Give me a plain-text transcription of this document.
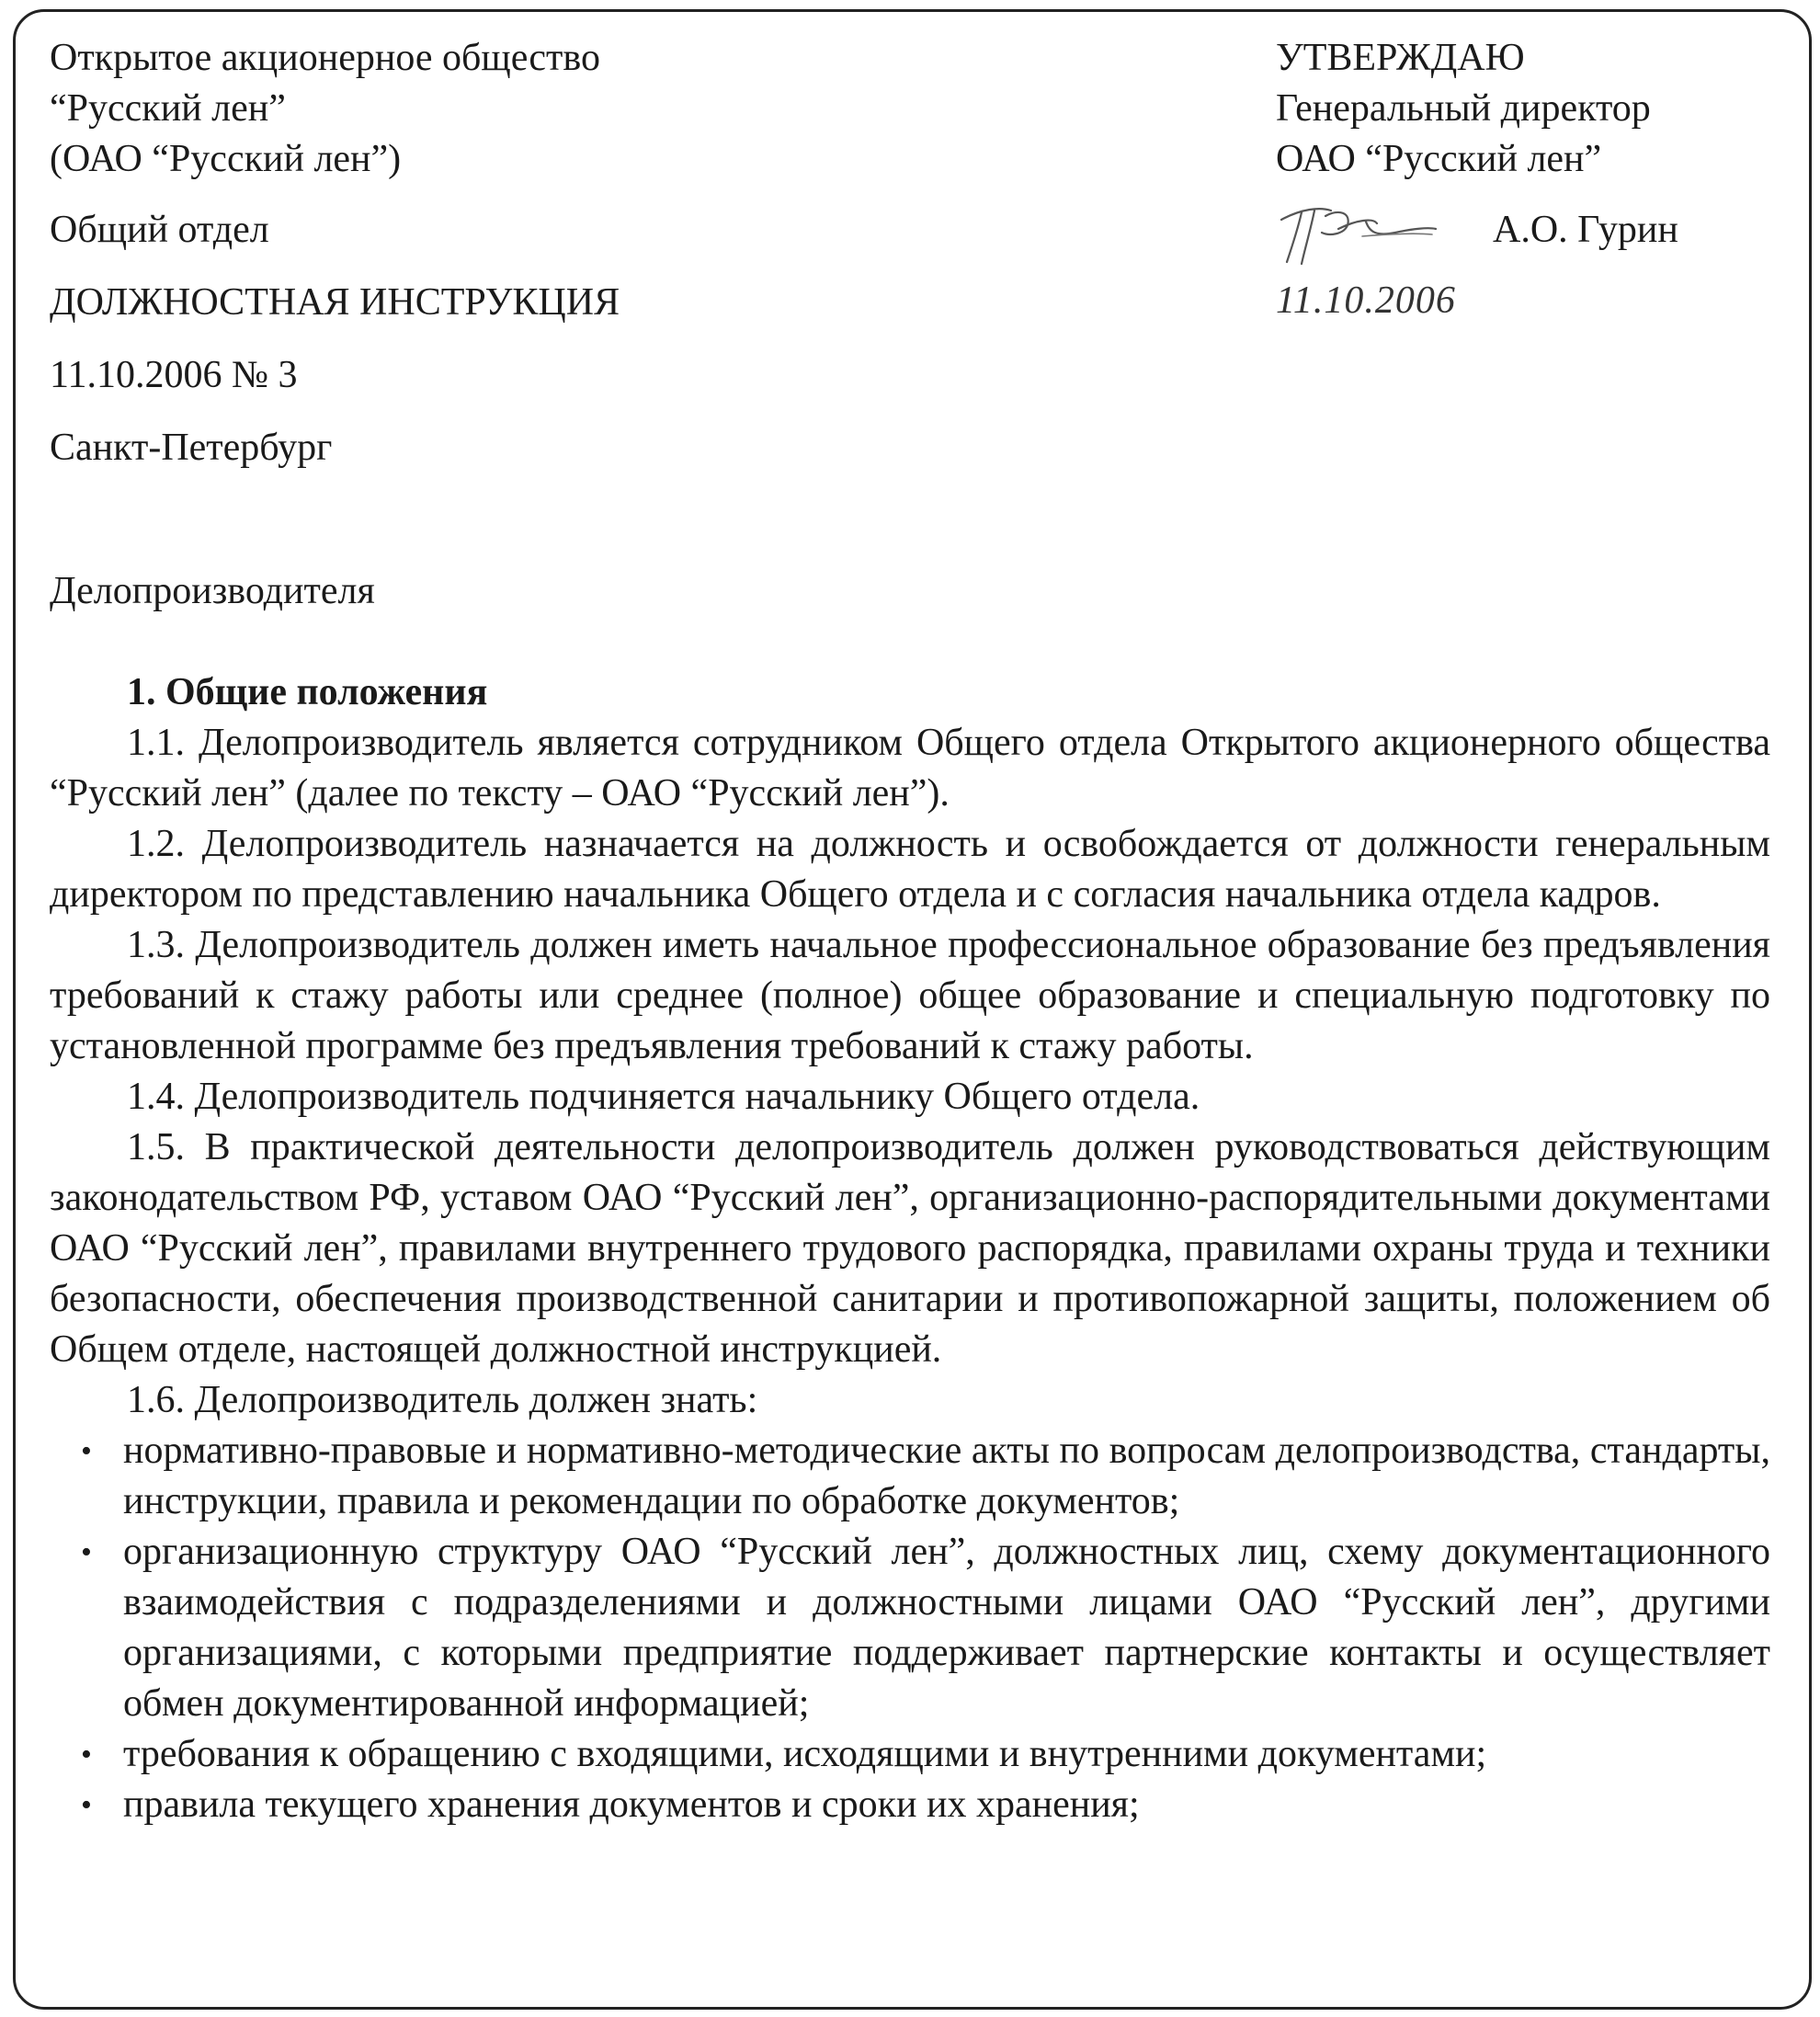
Открытое акционерное общество
“Русский лен”
(ОАО “Русский лен”)
Общий отдел
ДОЛЖНОСТНАЯ ИНСТРУКЦИЯ
11.10.2006 № 3
Санкт-Петербург
УТВЕРЖДАЮ
Генеральный директор
ОАО “Русский лен”
А.О. Гурин
11.10.2006
Делопроизводителя
1. Общие положения

1.1. Делопроизводитель является сотрудником Общего отдела Открытого акционерного общества “Русский лен” (далее по тексту – ОАО “Русский лен”).

1.2. Делопроизводитель назначается на должность и освобождается от должности генеральным директором по представлению начальника Общего отдела и с согласия начальника отдела кадров.

1.3. Делопроизводитель должен иметь начальное профессиональное образование без предъявления требований к стажу работы или среднее (полное) общее образование и специальную подготовку по установленной программе без предъявления требований к стажу работы.

1.4. Делопроизводитель подчиняется начальнику Общего отдела.

1.5. В практической деятельности делопроизводитель должен руководствоваться действующим законодательством РФ, уставом ОАО “Русский лен”, организационно-распорядительными документами ОАО “Русский лен”, правилами внутреннего трудового распорядка, правилами охраны труда и техники безопасности, обеспечения производственной санитарии и противопожарной защиты, положением об Общем отделе, настоящей должностной инструкцией.

1.6. Делопроизводитель должен знать:

• нормативно-правовые и нормативно-методические акты по вопросам делопроизводства, стандарты, инструкции, правила и рекомендации по обработке документов;
• организационную структуру ОАО “Русский лен”, должностных лиц, схему документационного взаимодействия с подразделениями и должностными лицами ОАО “Русский лен”, другими организациями, с которыми предприятие поддерживает партнерские контакты и осуществляет обмен документированной информацией;
• требования к обращению с входящими, исходящими и внутренними документами;
• правила текущего хранения документов и сроки их хранения;
